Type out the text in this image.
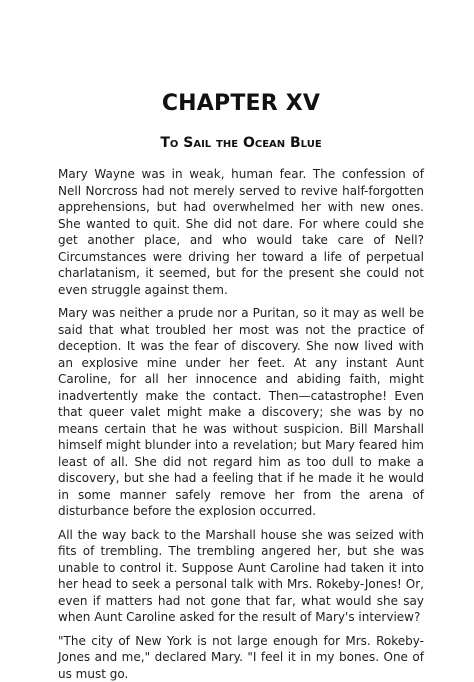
CHAPTER XV
To Sail the Ocean Blue

Mary Wayne was in weak, human fear. The confession of Nell Norcross had not merely served to revive half-forgotten apprehensions, but had overwhelmed her with new ones. She wanted to quit. She did not dare. For where could she get another place, and who would take care of Nell? Circumstances were driving her toward a life of perpetual charlatanism, it seemed, but for the present she could not even struggle against them.

Mary was neither a prude nor a Puritan, so it may as well be said that what troubled her most was not the practice of deception. It was the fear of discovery. She now lived with an explosive mine under her feet. At any instant Aunt Caroline, for all her innocence and abiding faith, might inadvertently make the contact. Then—catastrophe! Even that queer valet might make a discovery; she was by no means certain that he was without suspicion. Bill Marshall himself might blunder into a revelation; but Mary feared him least of all. She did not regard him as too dull to make a discovery, but she had a feeling that if he made it he would in some manner safely remove her from the arena of disturbance before the explosion occurred.

All the way back to the Marshall house she was seized with fits of trembling. The trembling angered her, but she was unable to control it. Suppose Aunt Caroline had taken it into her head to seek a personal talk with Mrs. Rokeby-Jones! Or, even if matters had not gone that far, what would she say when Aunt Caroline asked for the result of Mary's interview?

"The city of New York is not large enough for Mrs. Rokeby-Jones and me," declared Mary. "I feel it in my bones. One of us must go.
